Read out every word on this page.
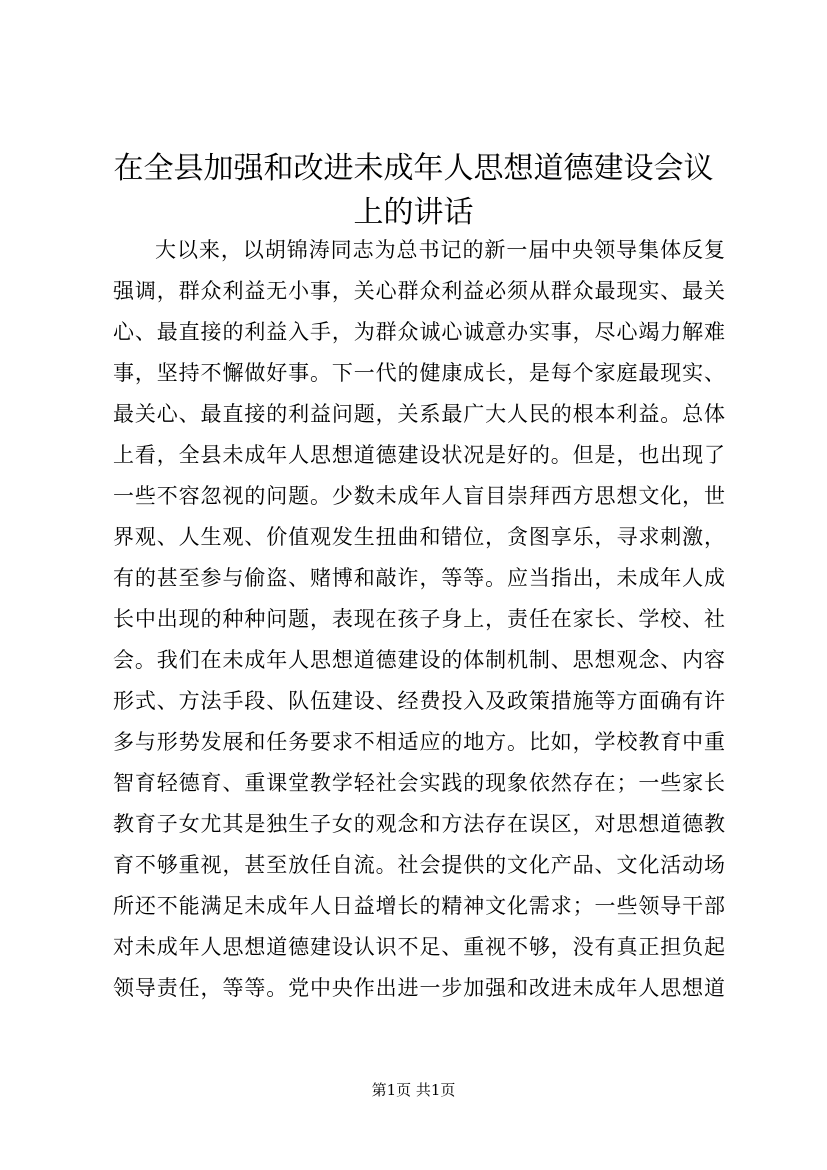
在全县加强和改进未成年人思想道德建设会议
上的讲话
大以来，以胡锦涛同志为总书记的新一届中央领导集体反复
强调，群众利益无小事，关心群众利益必须从群众最现实、最关
心、最直接的利益入手，为群众诚心诚意办实事，尽心竭力解难
事，坚持不懈做好事。下一代的健康成长，是每个家庭最现实、
最关心、最直接的利益问题，关系最广大人民的根本利益。总体
上看，全县未成年人思想道德建设状况是好的。但是，也出现了
一些不容忽视的问题。少数未成年人盲目崇拜西方思想文化，世
界观、人生观、价值观发生扭曲和错位，贪图享乐，寻求刺激，
有的甚至参与偷盗、赌博和敲诈，等等。应当指出，未成年人成
长中出现的种种问题，表现在孩子身上，责任在家长、学校、社
会。我们在未成年人思想道德建设的体制机制、思想观念、内容
形式、方法手段、队伍建设、经费投入及政策措施等方面确有许
多与形势发展和任务要求不相适应的地方。比如，学校教育中重
智育轻德育、重课堂教学轻社会实践的现象依然存在；一些家长
教育子女尤其是独生子女的观念和方法存在误区，对思想道德教
育不够重视，甚至放任自流。社会提供的文化产品、文化活动场
所还不能满足未成年人日益增长的精神文化需求；一些领导干部
对未成年人思想道德建设认识不足、重视不够，没有真正担负起
领导责任，等等。党中央作出进一步加强和改进未成年人思想道
第1页 共1页
